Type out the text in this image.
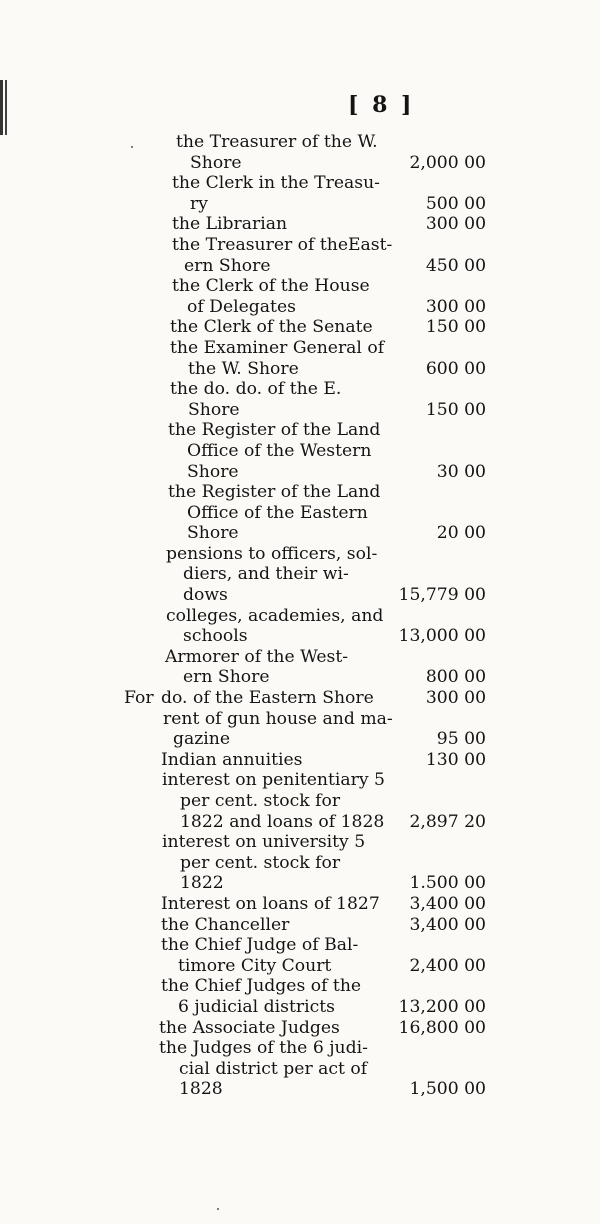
[ 8 ]
the Treasurer of the W.
Shore	2,000 00
the Clerk in the Treasu-
ry	500 00
the Librarian	300 00
the Treasurer of theEast-
ern Shore	450 00
the Clerk of the House
of Delegates	300 00
the Clerk of the Senate	150 00
the Examiner General of
the W. Shore	600 00
the do. do. of the E.
Shore	150 00
the Register of the Land
Office of the Western
Shore	30 00
the Register of the Land
Office of the Eastern
Shore	20 00
pensions to officers, sol-
diers, and their wi-
dows	15,779 00
colleges, academies, and
schools	13,000 00
Armorer of the West-
ern Shore	800 00
For do. of the Eastern Shore	300 00
rent of gun house and ma-
gazine	95 00
Indian annuities	130 00
interest on penitentiary 5
per cent. stock for
1822 and loans of 1828	2,897 20
interest on university 5
per cent. stock for
1822	1.500 00
Interest on loans of 1827	3,400 00
the Chanceller	3,400 00
the Chief Judge of Bal-
timore City Court	2,400 00
the Chief Judges of the
6 judicial districts	13,200 00
the Associate Judges	16,800 00
the Judges of the 6 judi-
cial district per act of
1828	1,500 00
